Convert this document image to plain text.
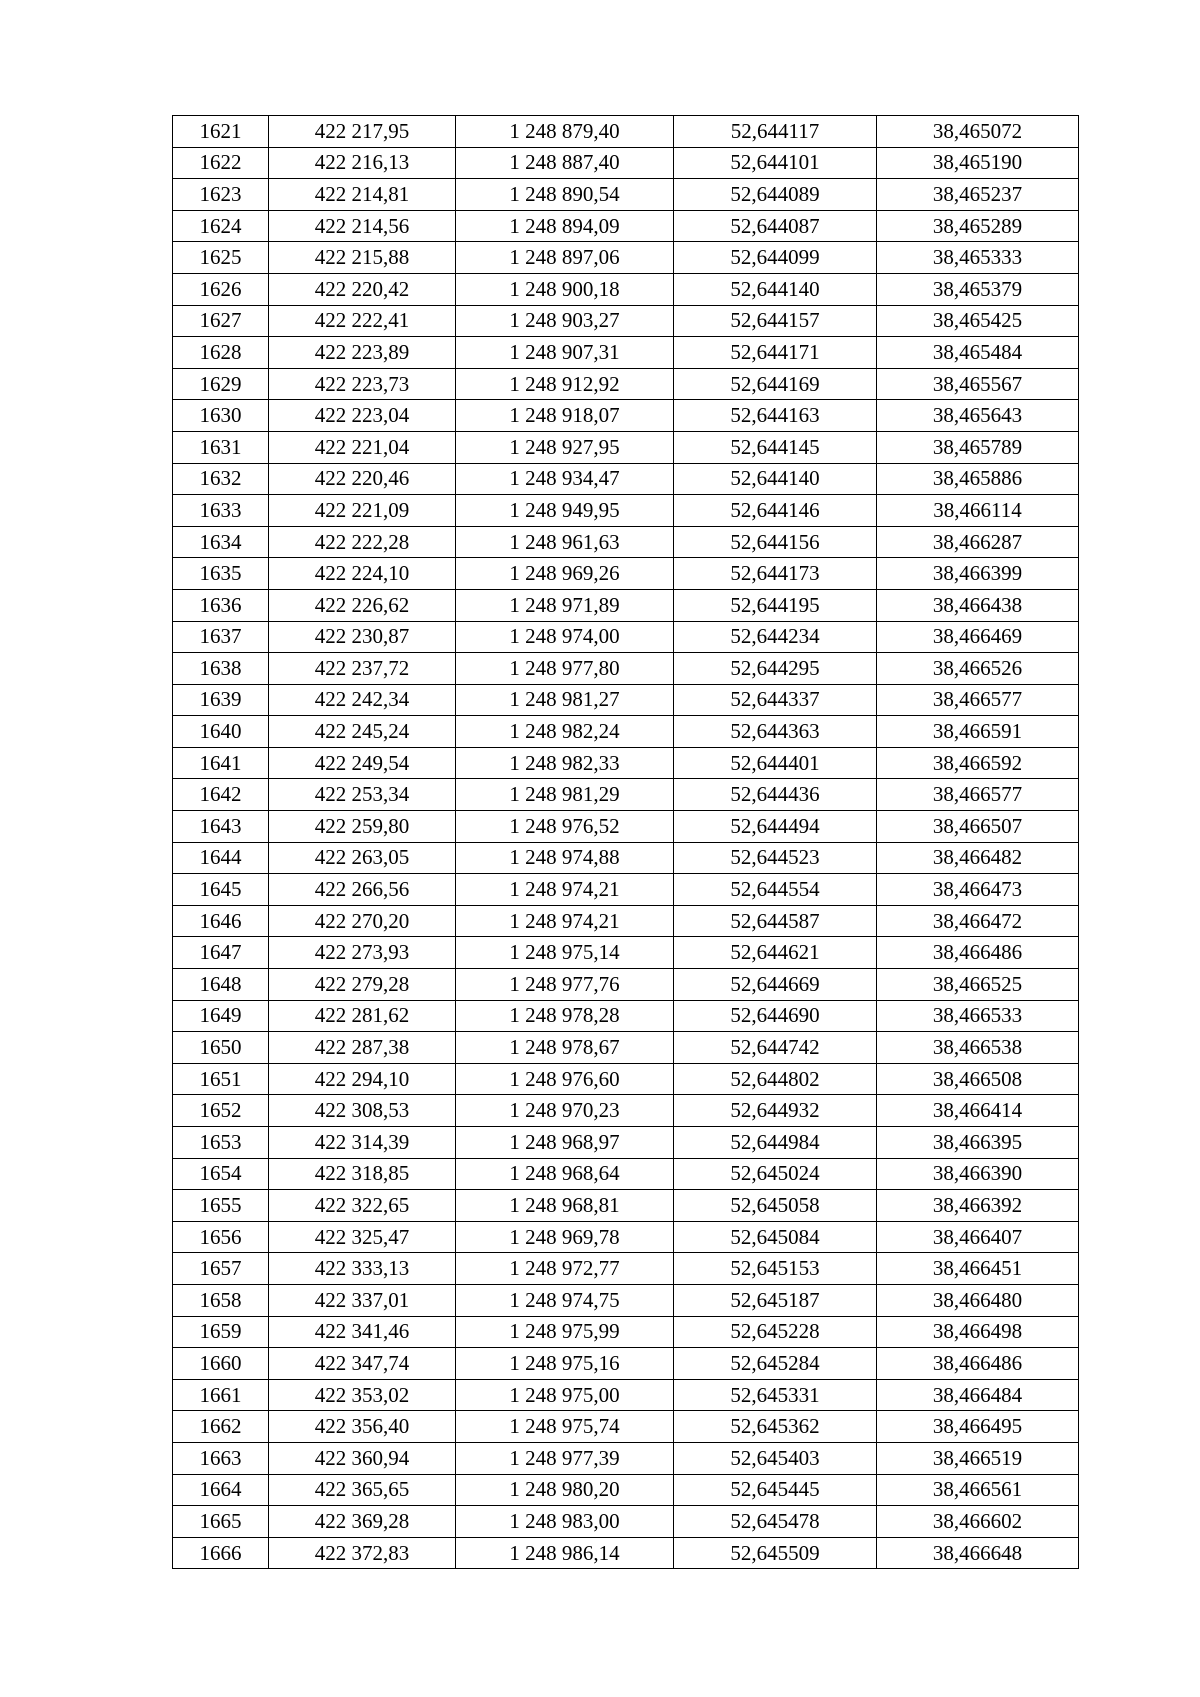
1621	422 217,95	1 248 879,40	52,644117	38,465072
1622	422 216,13	1 248 887,40	52,644101	38,465190
1623	422 214,81	1 248 890,54	52,644089	38,465237
1624	422 214,56	1 248 894,09	52,644087	38,465289
1625	422 215,88	1 248 897,06	52,644099	38,465333
1626	422 220,42	1 248 900,18	52,644140	38,465379
1627	422 222,41	1 248 903,27	52,644157	38,465425
1628	422 223,89	1 248 907,31	52,644171	38,465484
1629	422 223,73	1 248 912,92	52,644169	38,465567
1630	422 223,04	1 248 918,07	52,644163	38,465643
1631	422 221,04	1 248 927,95	52,644145	38,465789
1632	422 220,46	1 248 934,47	52,644140	38,465886
1633	422 221,09	1 248 949,95	52,644146	38,466114
1634	422 222,28	1 248 961,63	52,644156	38,466287
1635	422 224,10	1 248 969,26	52,644173	38,466399
1636	422 226,62	1 248 971,89	52,644195	38,466438
1637	422 230,87	1 248 974,00	52,644234	38,466469
1638	422 237,72	1 248 977,80	52,644295	38,466526
1639	422 242,34	1 248 981,27	52,644337	38,466577
1640	422 245,24	1 248 982,24	52,644363	38,466591
1641	422 249,54	1 248 982,33	52,644401	38,466592
1642	422 253,34	1 248 981,29	52,644436	38,466577
1643	422 259,80	1 248 976,52	52,644494	38,466507
1644	422 263,05	1 248 974,88	52,644523	38,466482
1645	422 266,56	1 248 974,21	52,644554	38,466473
1646	422 270,20	1 248 974,21	52,644587	38,466472
1647	422 273,93	1 248 975,14	52,644621	38,466486
1648	422 279,28	1 248 977,76	52,644669	38,466525
1649	422 281,62	1 248 978,28	52,644690	38,466533
1650	422 287,38	1 248 978,67	52,644742	38,466538
1651	422 294,10	1 248 976,60	52,644802	38,466508
1652	422 308,53	1 248 970,23	52,644932	38,466414
1653	422 314,39	1 248 968,97	52,644984	38,466395
1654	422 318,85	1 248 968,64	52,645024	38,466390
1655	422 322,65	1 248 968,81	52,645058	38,466392
1656	422 325,47	1 248 969,78	52,645084	38,466407
1657	422 333,13	1 248 972,77	52,645153	38,466451
1658	422 337,01	1 248 974,75	52,645187	38,466480
1659	422 341,46	1 248 975,99	52,645228	38,466498
1660	422 347,74	1 248 975,16	52,645284	38,466486
1661	422 353,02	1 248 975,00	52,645331	38,466484
1662	422 356,40	1 248 975,74	52,645362	38,466495
1663	422 360,94	1 248 977,39	52,645403	38,466519
1664	422 365,65	1 248 980,20	52,645445	38,466561
1665	422 369,28	1 248 983,00	52,645478	38,466602
1666	422 372,83	1 248 986,14	52,645509	38,466648
